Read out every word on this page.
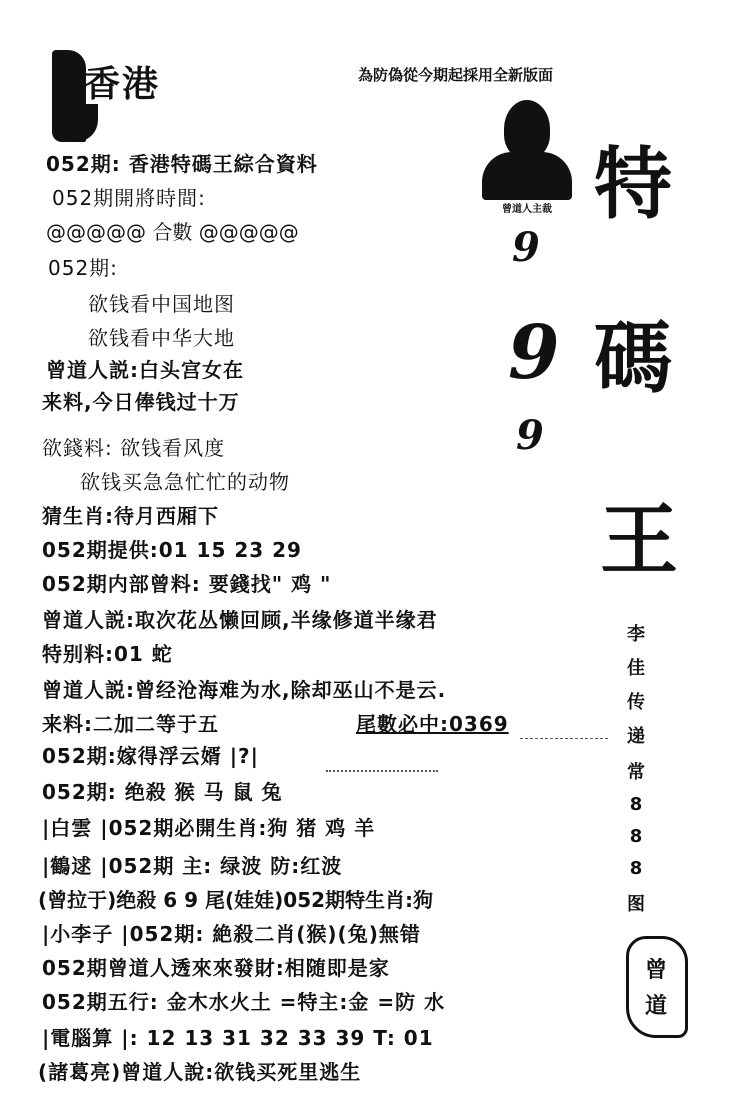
香港	為防偽從今期起採用全新版面
052期: 香港特碼王綜合資料
052期開將時間:
@@@@@ 合數 @@@@@
052期:
欲钱看中国地图
欲钱看中华大地
曾道人説:白头宫女在
来料,今日俸钱过十万
欲錢料: 欲钱看风度
欲钱买急急忙忙的动物
猜生肖:待月西厢下
052期提供:01 15 23 29
052期内部曾料: 要錢找" 鸡 "
曾道人説:取次花丛懒回顾,半缘修道半缘君
特别料:01 蛇
曾道人説:曾经沧海难为水,除却巫山不是云.
来料:二加二等于五	尾數必中:0369
052期:嫁得浮云婿 |?|
052期: 绝殺 猴 马 鼠 兔
|白雲 |052期必開生肖:狗 猪 鸡 羊
|鶴逑 |052期 主: 绿波 防:红波
(曾拉于)绝殺 6 9 尾(娃娃)052期特生肖:狗
|小李子 |052期: 絶殺二肖(猴)(兔)無错
052期曾道人透來來發財:相随即是家
052期五行: 金木水火土 =特主:金 =防 水
|電腦算 |: 12 13 31 32 33 39 T: 01
(諸葛亮)曾道人說:欲钱买死里逃生
曾道人主裁
9
9
9
特
碼
王
李
佳
传
递
常
8
8
8
图
曾
道
